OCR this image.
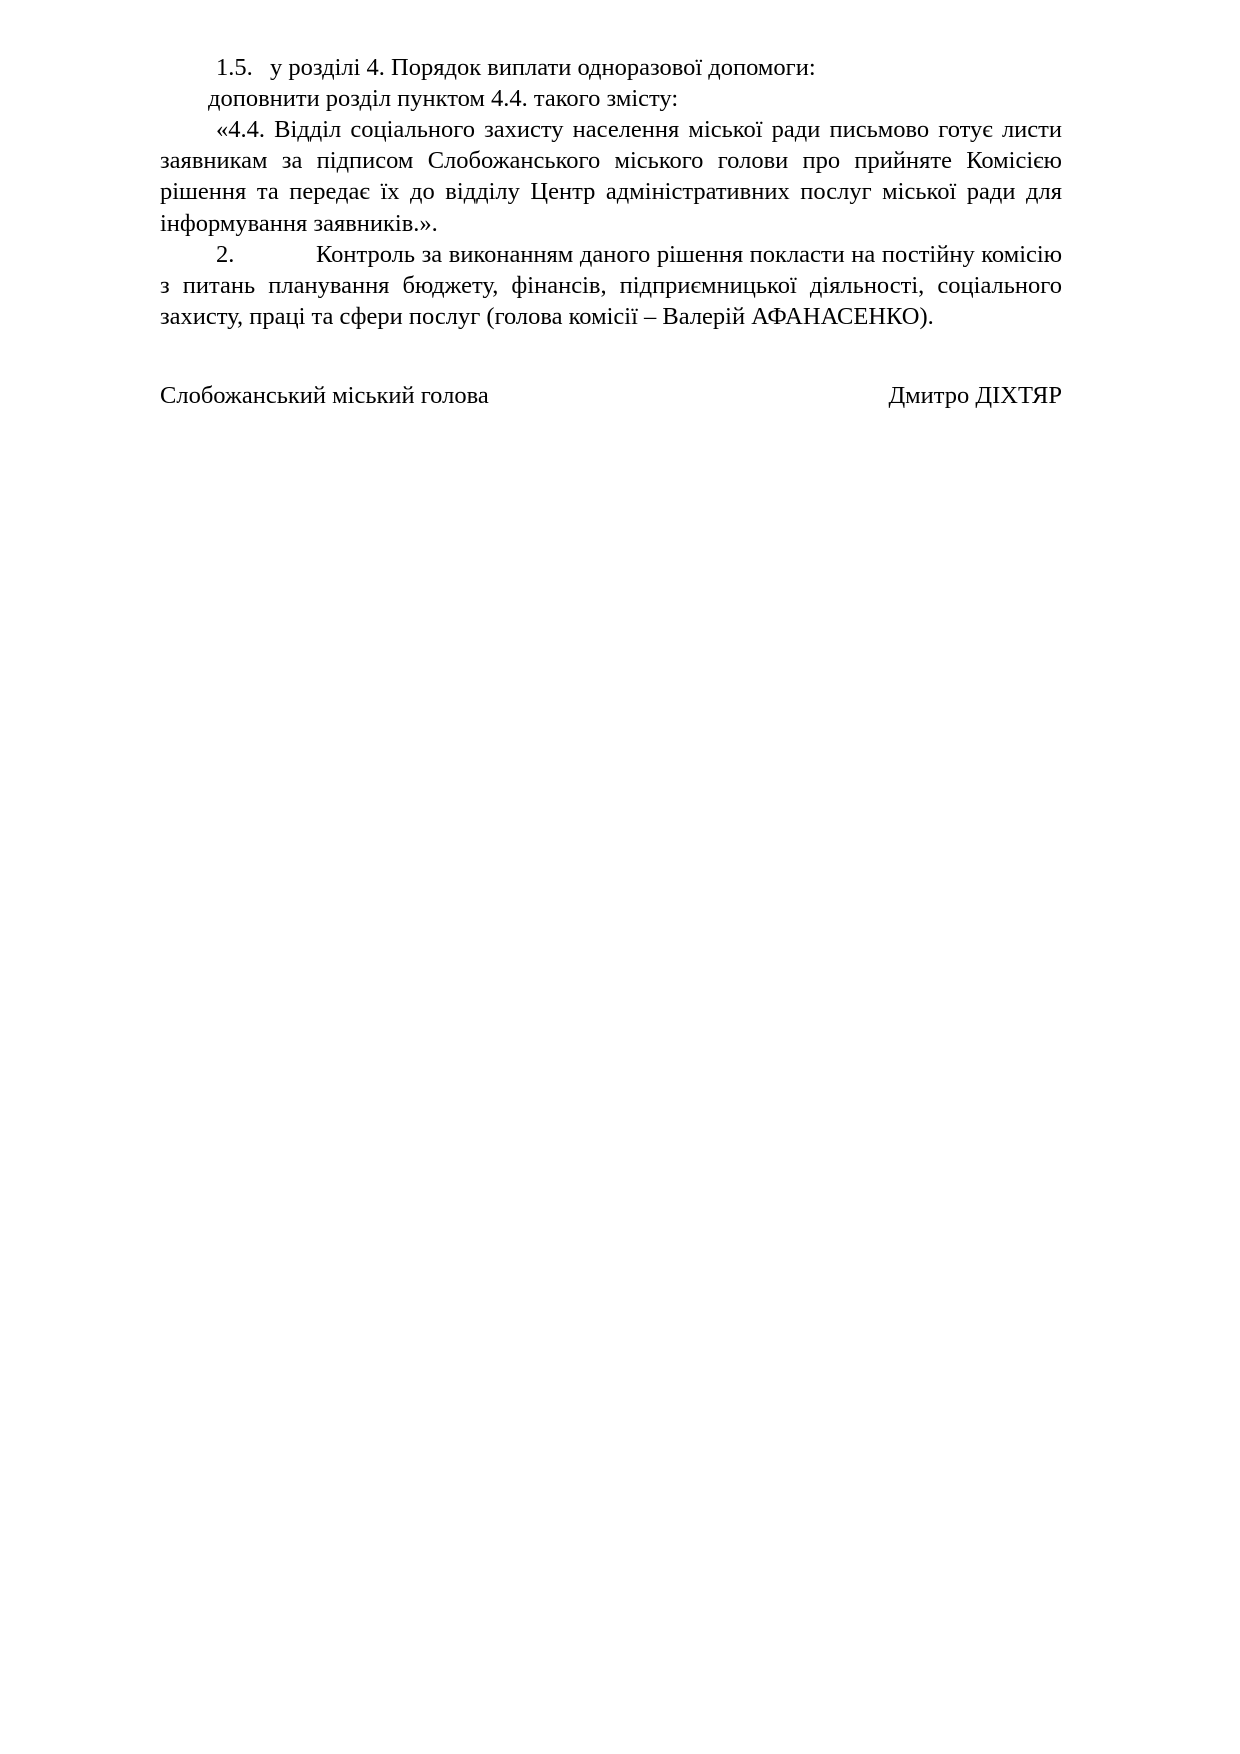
1.5. у розділі 4. Порядок виплати одноразової допомоги:

доповнити розділ пунктом 4.4. такого змісту:

«4.4. Відділ соціального захисту населення міської ради письмово готує листи заявникам за підписом Слобожанського міського голови про прийняте Комісією рішення та передає їх до відділу Центр адміністративних послуг міської ради для інформування заявників.».

2.	Контроль за виконанням даного рішення покласти на постійну комісію з питань планування бюджету, фінансів, підприємницької діяльності, соціального захисту, праці та сфери послуг (голова комісії – Валерій АФАНАСЕНКО).

Слобожанський міський голова	Дмитро ДІХТЯР
